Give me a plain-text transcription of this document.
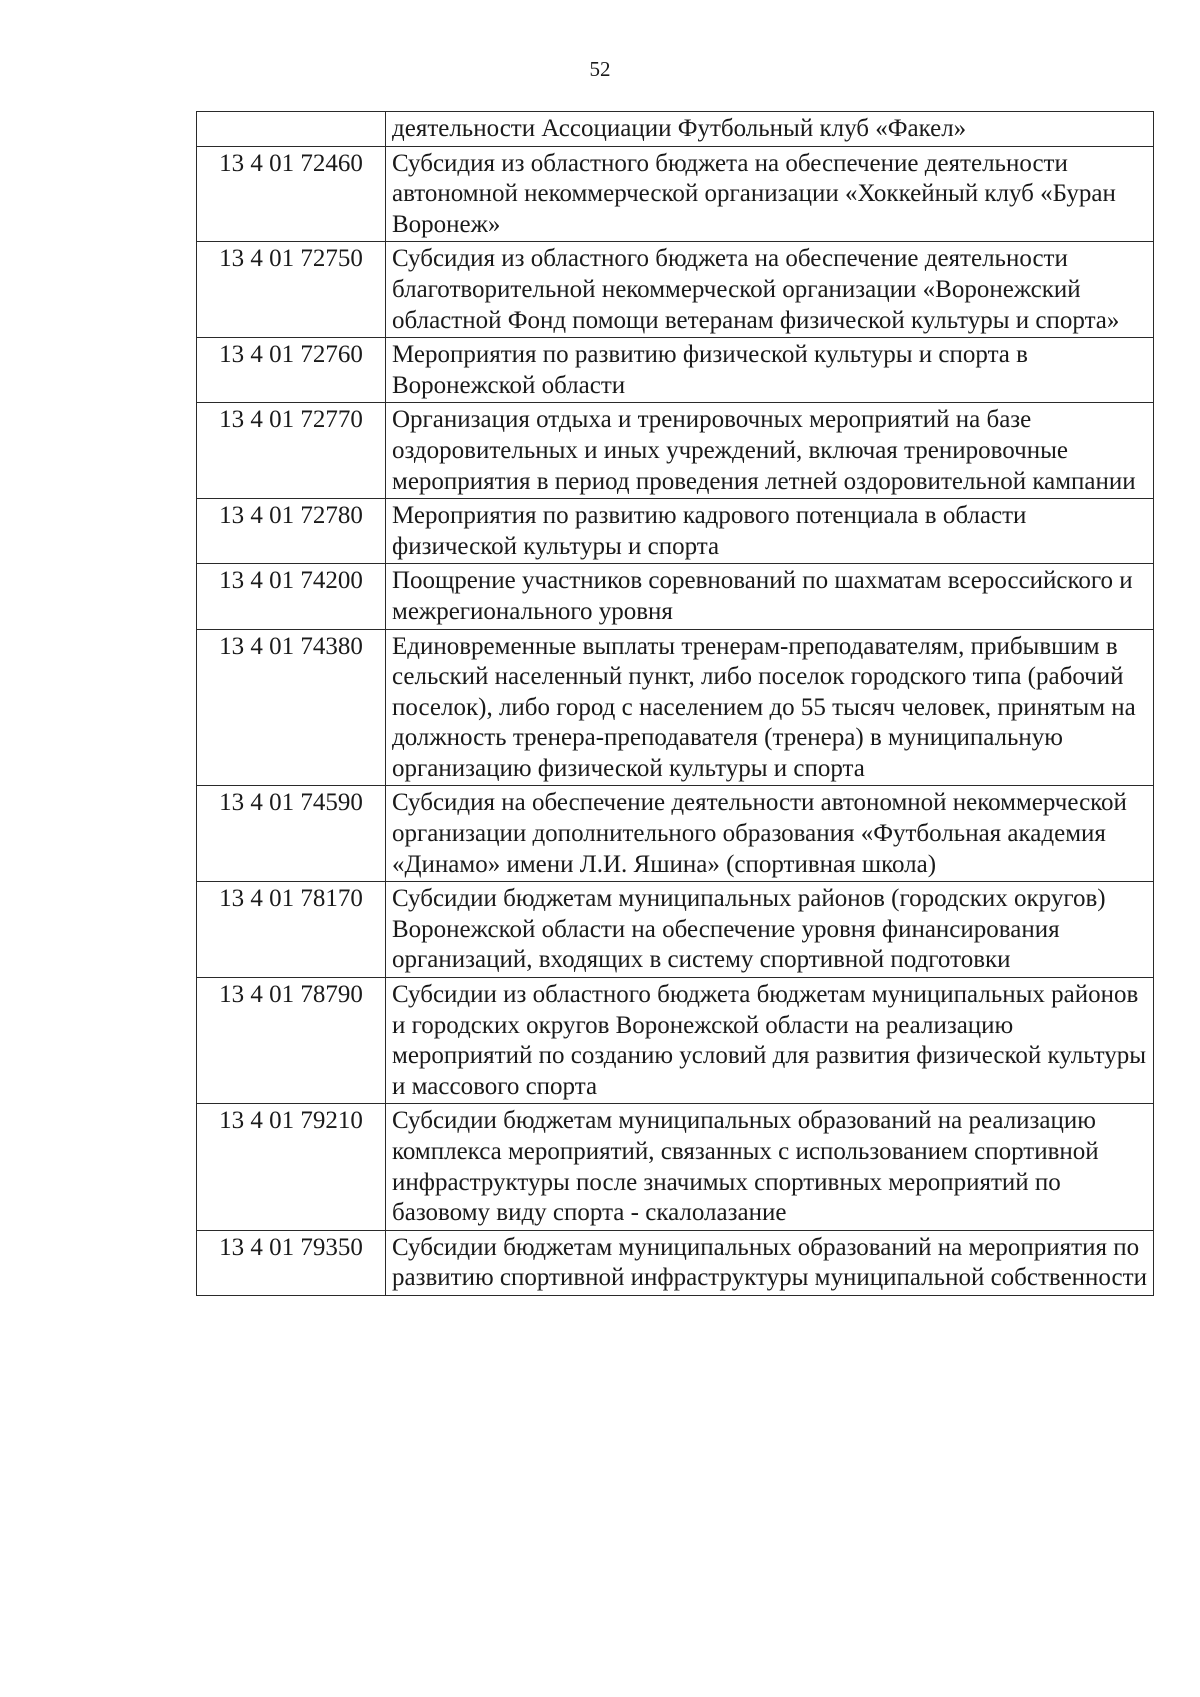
52
	деятельности Ассоциации Футбольный клуб «Факел»
13 4 01 72460	Субсидия из областного бюджета на обеспечение деятельности автономной некоммерческой организации «Хоккейный клуб «Буран Воронеж»
13 4 01 72750	Субсидия из областного бюджета на обеспечение деятельности благотворительной некоммерческой организации «Воронежский областной Фонд помощи ветеранам физической культуры и спорта»
13 4 01 72760	Мероприятия по развитию физической культуры и спорта в Воронежской области
13 4 01 72770	Организация отдыха и тренировочных мероприятий на базе оздоровительных и иных учреждений, включая тренировочные мероприятия в период проведения летней оздоровительной кампании
13 4 01 72780	Мероприятия по развитию кадрового потенциала в области физической культуры и спорта
13 4 01 74200	Поощрение участников соревнований по шахматам всероссийского и межрегионального уровня
13 4 01 74380	Единовременные выплаты тренерам-преподавателям, прибывшим в сельский населенный пункт, либо поселок городского типа (рабочий поселок), либо город с населением до 55 тысяч человек, принятым на должность тренера-преподавателя (тренера) в муниципальную организацию физической культуры и спорта
13 4 01 74590	Субсидия на обеспечение деятельности автономной некоммерческой организации дополнительного образования «Футбольная академия «Динамо» имени Л.И. Яшина» (спортивная школа)
13 4 01 78170	Субсидии бюджетам муниципальных районов (городских округов) Воронежской области на обеспечение уровня финансирования организаций, входящих в систему спортивной подготовки
13 4 01 78790	Субсидии из областного бюджета бюджетам муниципальных районов и городских округов Воронежской области на реализацию мероприятий по созданию условий для развития физической культуры и массового спорта
13 4 01 79210	Субсидии бюджетам муниципальных образований на реализацию комплекса мероприятий, связанных с использованием спортивной инфраструктуры после значимых спортивных мероприятий по базовому виду спорта - скалолазание
13 4 01 79350	Субсидии бюджетам муниципальных образований на мероприятия по развитию спортивной инфраструктуры муниципальной собственности
